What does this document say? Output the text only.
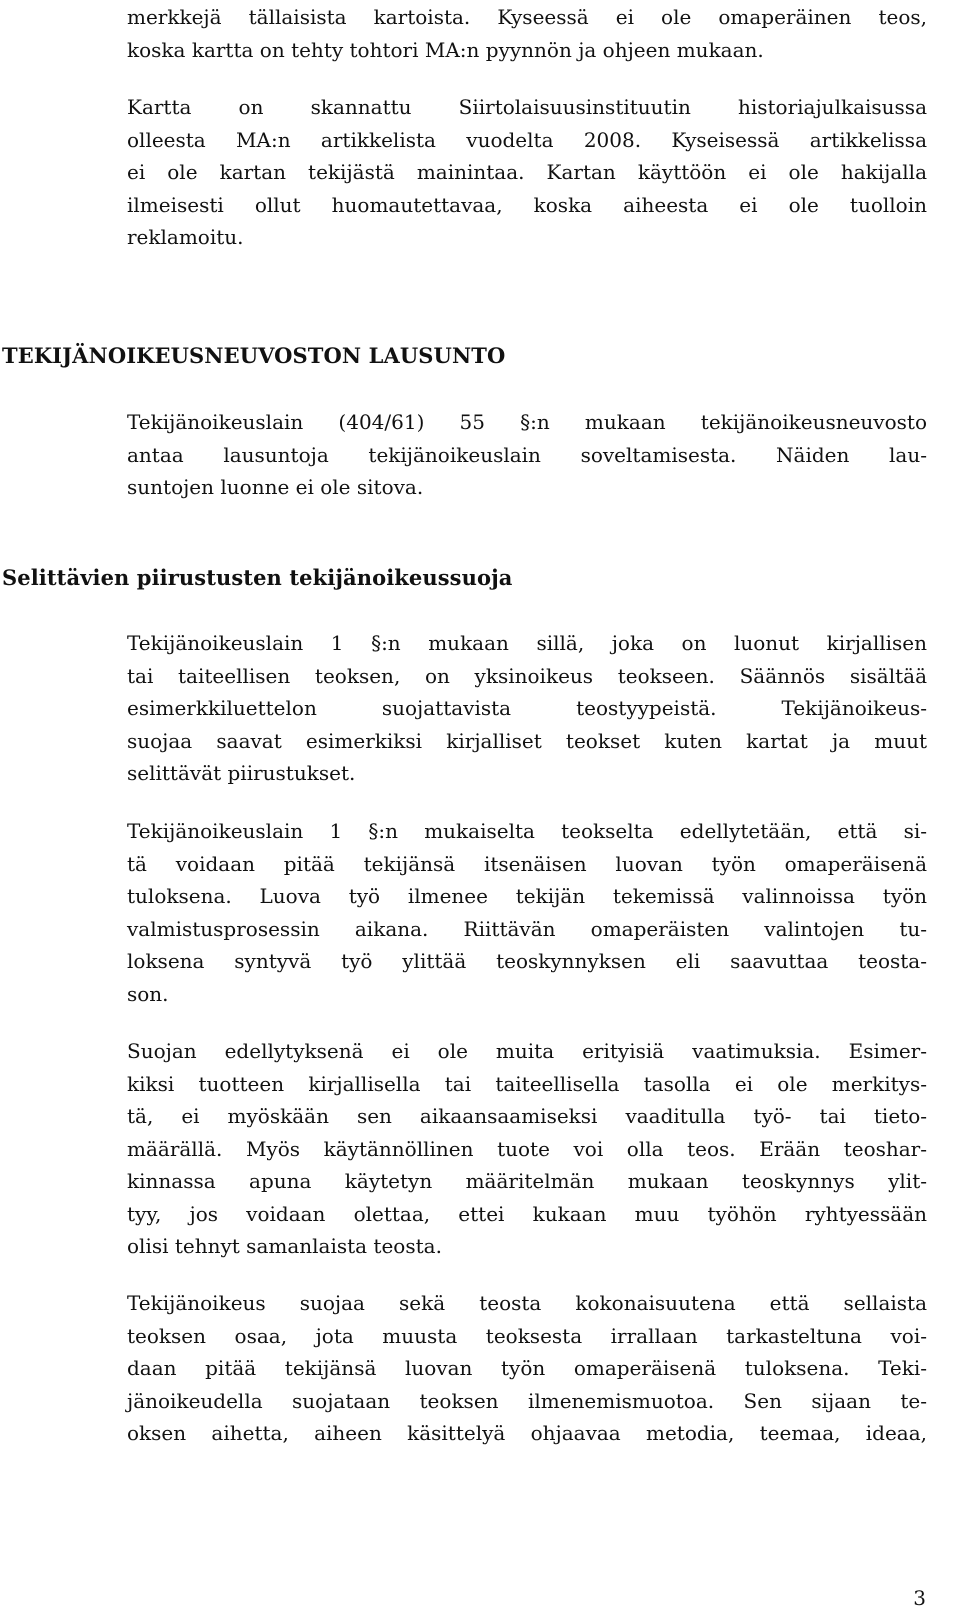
merkkejä tällaisista kartoista. Kyseessä ei ole omaperäinen teos,
koska kartta on tehty tohtori MA:n pyynnön ja ohjeen mukaan.

Kartta on skannattu Siirtolaisuusinstituutin historiajulkaisussa
olleesta MA:n artikkelista vuodelta 2008. Kyseisessä artikkelissa
ei ole kartan tekijästä mainintaa. Kartan käyttöön ei ole hakijalla
ilmeisesti ollut huomautettavaa, koska aiheesta ei ole tuolloin
reklamoitu.

TEKIJÄNOIKEUSNEUVOSTON LAUSUNTO

Tekijänoikeuslain (404/61) 55 §:n mukaan tekijänoikeusneuvosto
antaa lausuntoja tekijänoikeuslain soveltamisesta. Näiden lau-
suntojen luonne ei ole sitova.

Selittävien piirustusten tekijänoikeussuoja

Tekijänoikeuslain 1 §:n mukaan sillä, joka on luonut kirjallisen
tai taiteellisen teoksen, on yksinoikeus teokseen. Säännös sisältää
esimerkkiluettelon suojattavista teostyypeistä. Tekijänoikeus-
suojaa saavat esimerkiksi kirjalliset teokset kuten kartat ja muut
selittävät piirustukset.

Tekijänoikeuslain 1 §:n mukaiselta teokselta edellytetään, että si-
tä voidaan pitää tekijänsä itsenäisen luovan työn omaperäisenä
tuloksena. Luova työ ilmenee tekijän tekemissä valinnoissa työn
valmistusprosessin aikana. Riittävän omaperäisten valintojen tu-
loksena syntyvä työ ylittää teoskynnyksen eli saavuttaa teosta-
son.

Suojan edellytyksenä ei ole muita erityisiä vaatimuksia. Esimer-
kiksi tuotteen kirjallisella tai taiteellisella tasolla ei ole merkitys-
tä, ei myöskään sen aikaansaamiseksi vaaditulla työ- tai tieto-
määrällä. Myös käytännöllinen tuote voi olla teos. Erään teoshar-
kinnassa apuna käytetyn määritelmän mukaan teoskynnys ylit-
tyy, jos voidaan olettaa, ettei kukaan muu työhön ryhtyessään
olisi tehnyt samanlaista teosta.

Tekijänoikeus suojaa sekä teosta kokonaisuutena että sellaista
teoksen osaa, jota muusta teoksesta irrallaan tarkasteltuna voi-
daan pitää tekijänsä luovan työn omaperäisenä tuloksena. Teki-
jänoikeudella suojataan teoksen ilmenemismuotoa. Sen sijaan te-
oksen aihetta, aiheen käsittelyä ohjaavaa metodia, teemaa, ideaa,

3
